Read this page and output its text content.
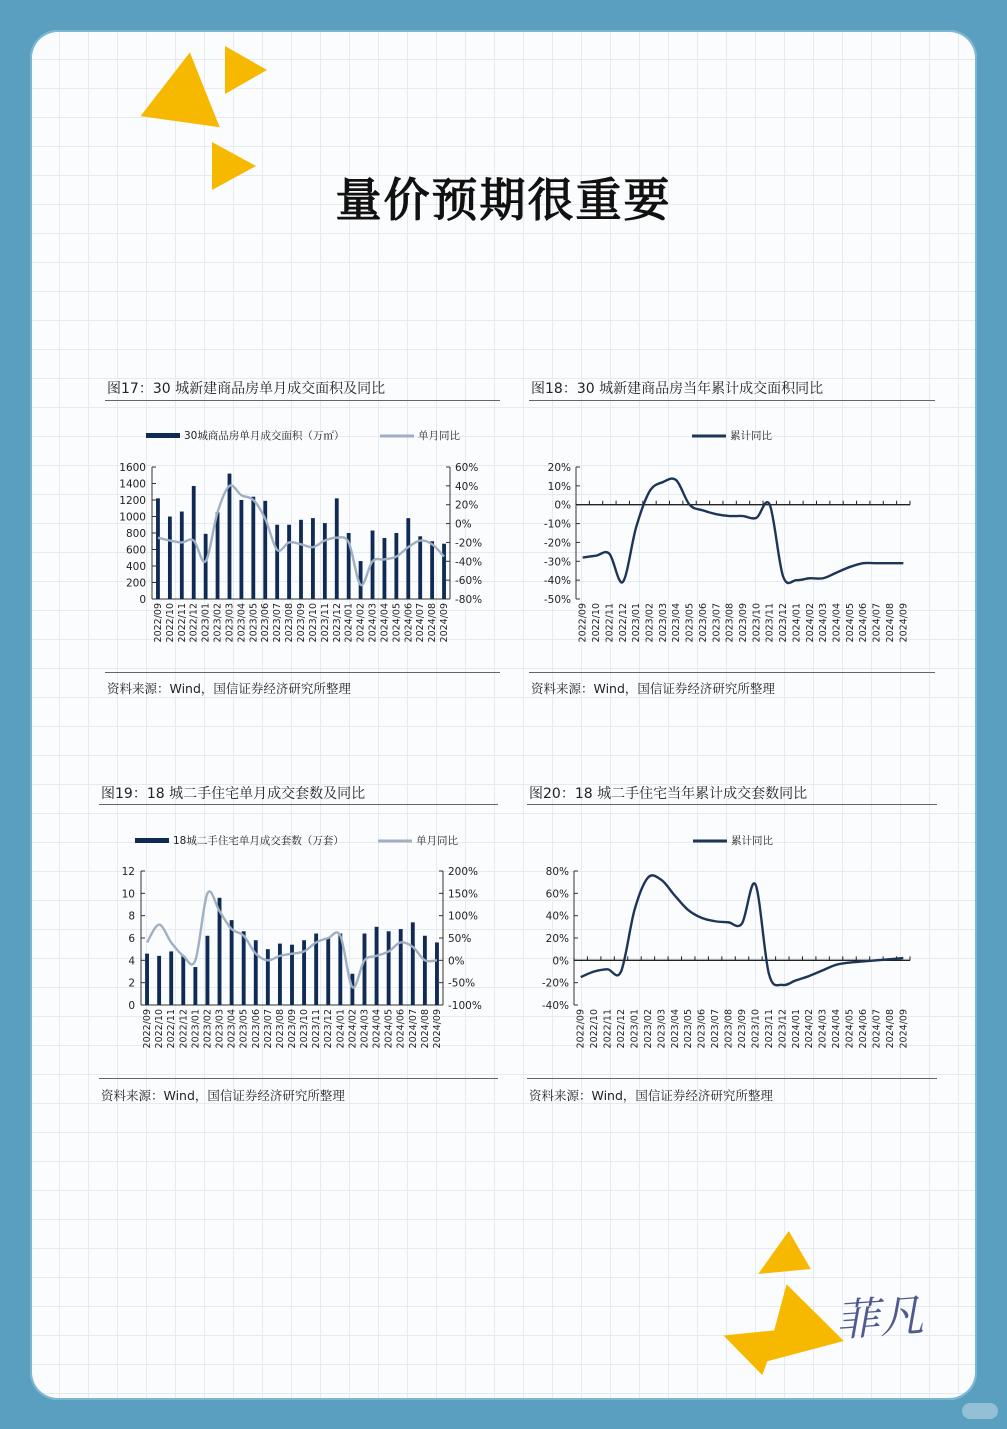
量价预期很重要
图17：30 城新建商品房单月成交面积及同比
30城商品房单月成交面积（万㎡）	单月同比
0
200
400
600
800
1000
1200
1400
1600
-80%
-60%
-40%
-20%
0%
20%
40%
60%
2022/09 2022/10 2022/11 2022/12 2023/01 2023/02 2023/03 2023/04 2023/05 2023/06 2023/07 2023/08 2023/09 2023/10 2023/11 2023/12 2024/01 2024/02 2024/03 2024/04 2024/05 2024/06 2024/07 2024/08 2024/09
资料来源：Wind，国信证券经济研究所整理
图18：30 城新建商品房当年累计成交面积同比
累计同比
-50%
-40%
-30%
-20%
-10%
0%
10%
20%
2022/09 2022/10 2022/11 2022/12 2023/01 2023/02 2023/03 2023/04 2023/05 2023/06 2023/07 2023/08 2023/09 2023/10 2023/11 2023/12 2024/01 2024/02 2024/03 2024/04 2024/05 2024/06 2024/07 2024/08 2024/09
资料来源：Wind，国信证券经济研究所整理
图19：18 城二手住宅单月成交套数及同比
18城二手住宅单月成交套数（万套）	单月同比
0
2
4
6
8
10
12
-100%
-50%
0%
50%
100%
150%
200%
2022/09 2022/10 2022/11 2022/12 2023/01 2023/02 2023/03 2023/04 2023/05 2023/06 2023/07 2023/08 2023/09 2023/10 2023/11 2023/12 2024/01 2024/02 2024/03 2024/04 2024/05 2024/06 2024/07 2024/08 2024/09
资料来源：Wind，国信证券经济研究所整理
图20：18 城二手住宅当年累计成交套数同比
累计同比
-40%
-20%
0%
20%
40%
60%
80%
2022/09 2022/10 2022/11 2022/12 2023/01 2023/02 2023/03 2023/04 2023/05 2023/06 2023/07 2023/08 2023/09 2023/10 2023/11 2023/12 2024/01 2024/02 2024/03 2024/04 2024/05 2024/06 2024/07 2024/08 2024/09
资料来源：Wind，国信证券经济研究所整理
菲凡
